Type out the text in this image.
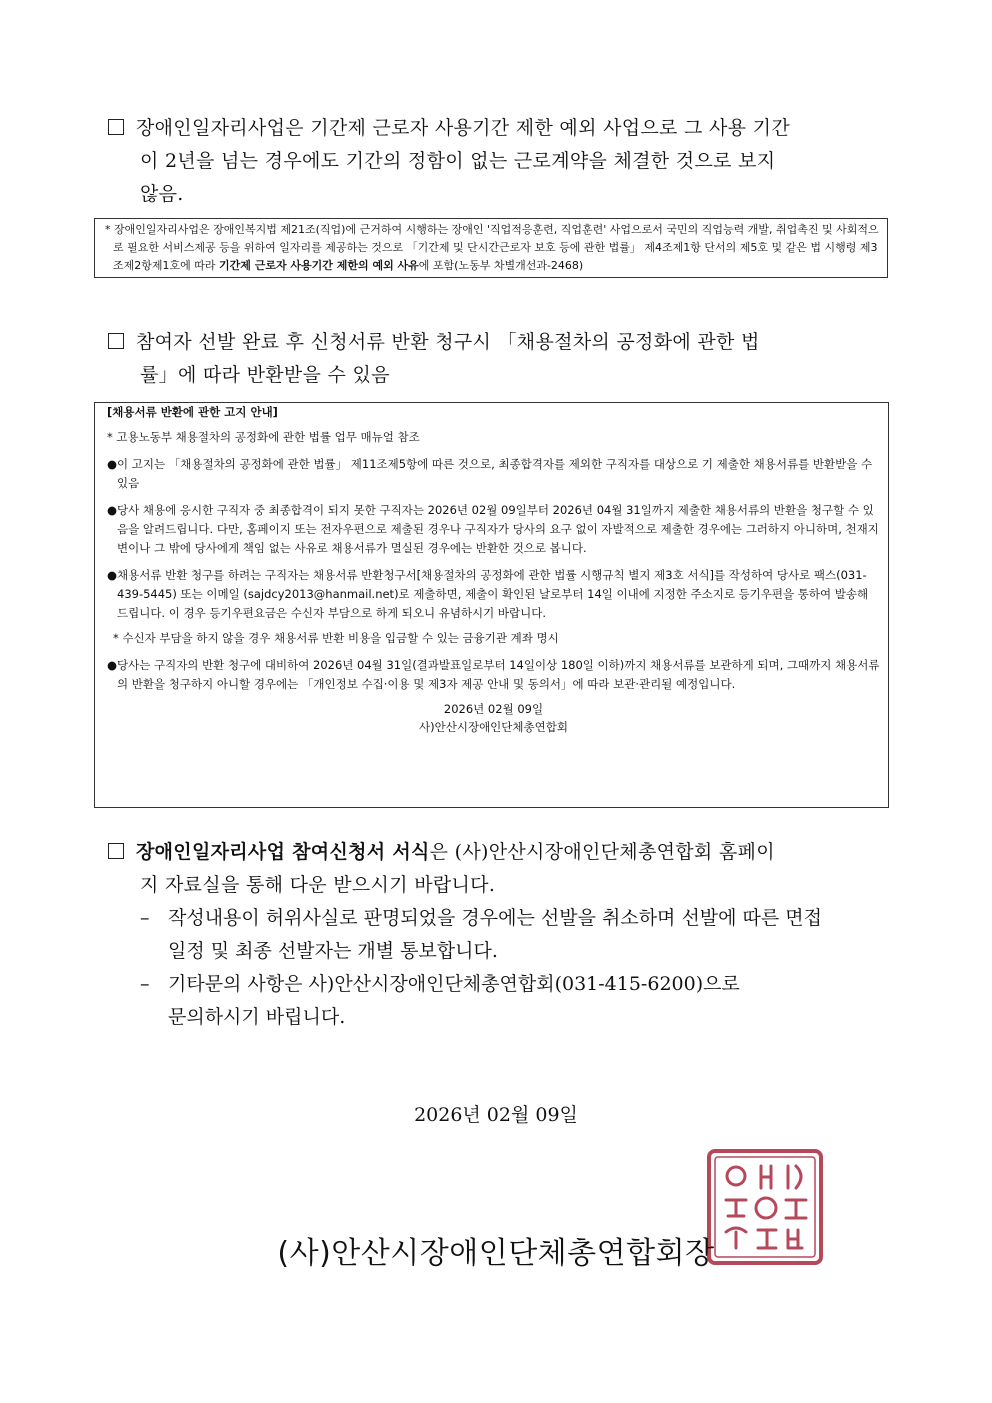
장애인일자리사업은 기간제 근로자 사용기간 제한 예외 사업으로 그 사용 기간
이 2년을 넘는 경우에도 기간의 정함이 없는 근로계약을 체결한 것으로 보지
않음.
* 장애인일자리사업은 장애인복지법 제21조(직업)에 근거하여 시행하는 장애인 '직업적응훈련, 직업훈련' 사업으로서 국민의 직업능력 개발, 취업촉진 및 사회적으로 필요한 서비스제공 등을 위하여 일자리를 제공하는 것으로 「기간제 및 단시간근로자 보호 등에 관한 법률」 제4조제1항 단서의 제5호 및 같은 법 시행령 제3조제2항제1호에 따라 기간제 근로자 사용기간 제한의 예외 사유에 포함(노동부 차별개선과-2468)
참여자 선발 완료 후 신청서류 반환 청구시 「채용절차의 공정화에 관한 법
률」에 따라 반환받을 수 있음
[채용서류 반환에 관한 고지 안내]
* 고용노동부 채용절차의 공정화에 관한 법률 업무 매뉴얼 참조
● 이 고지는 「채용절차의 공정화에 관한 법률」 제11조제5항에 따른 것으로, 최종합격자를 제외한 구직자를 대상으로 기 제출한 채용서류를 반환받을 수 있음
● 당사 채용에 응시한 구직자 중 최종합격이 되지 못한 구직자는 2026년 02월 09일부터 2026년 04월 31일까지 제출한 채용서류의 반환을 청구할 수 있음을 알려드립니다. 다만, 홈페이지 또는 전자우편으로 제출된 경우나 구직자가 당사의 요구 없이 자발적으로 제출한 경우에는 그러하지 아니하며, 천재지변이나 그 밖에 당사에게 책임 없는 사유로 채용서류가 멸실된 경우에는 반환한 것으로 봅니다.
● 채용서류 반환 청구를 하려는 구직자는 채용서류 반환청구서[채용절차의 공정화에 관한 법률 시행규칙 별지 제3호 서식]를 작성하여 당사로 팩스(031-439-5445) 또는 이메일 (sajdcy2013@hanmail.net)로 제출하면, 제출이 확인된 날로부터 14일 이내에 지정한 주소지로 등기우편을 통하여 발송해 드립니다. 이 경우 등기우편요금은 수신자 부담으로 하게 되오니 유념하시기 바랍니다.
* 수신자 부담을 하지 않을 경우 채용서류 반환 비용을 입금할 수 있는 금융기관 계좌 명시
● 당사는 구직자의 반환 청구에 대비하여 2026년 04월 31일(결과발표일로부터 14일이상 180일 이하)까지 채용서류를 보관하게 되며, 그때까지 채용서류의 반환을 청구하지 아니할 경우에는 「개인정보 수집·이용 및 제3자 제공 안내 및 동의서」에 따라 보관·관리될 예정입니다.
2026년 02월 09일
사)안산시장애인단체총연합회
장애인일자리사업 참여신청서 서식은 (사)안산시장애인단체총연합회 홈페이
지 자료실을 통해 다운 받으시기 바랍니다.
– 작성내용이 허위사실로 판명되었을 경우에는 선발을 취소하며 선발에 따른 면접
일정 및 최종 선발자는 개별 통보합니다.
– 기타문의 사항은 사)안산시장애인단체총연합회(031-415-6200)으로
문의하시기 바립니다.
2026년 02월 09일
(사)안산시장애인단체총연합회장
